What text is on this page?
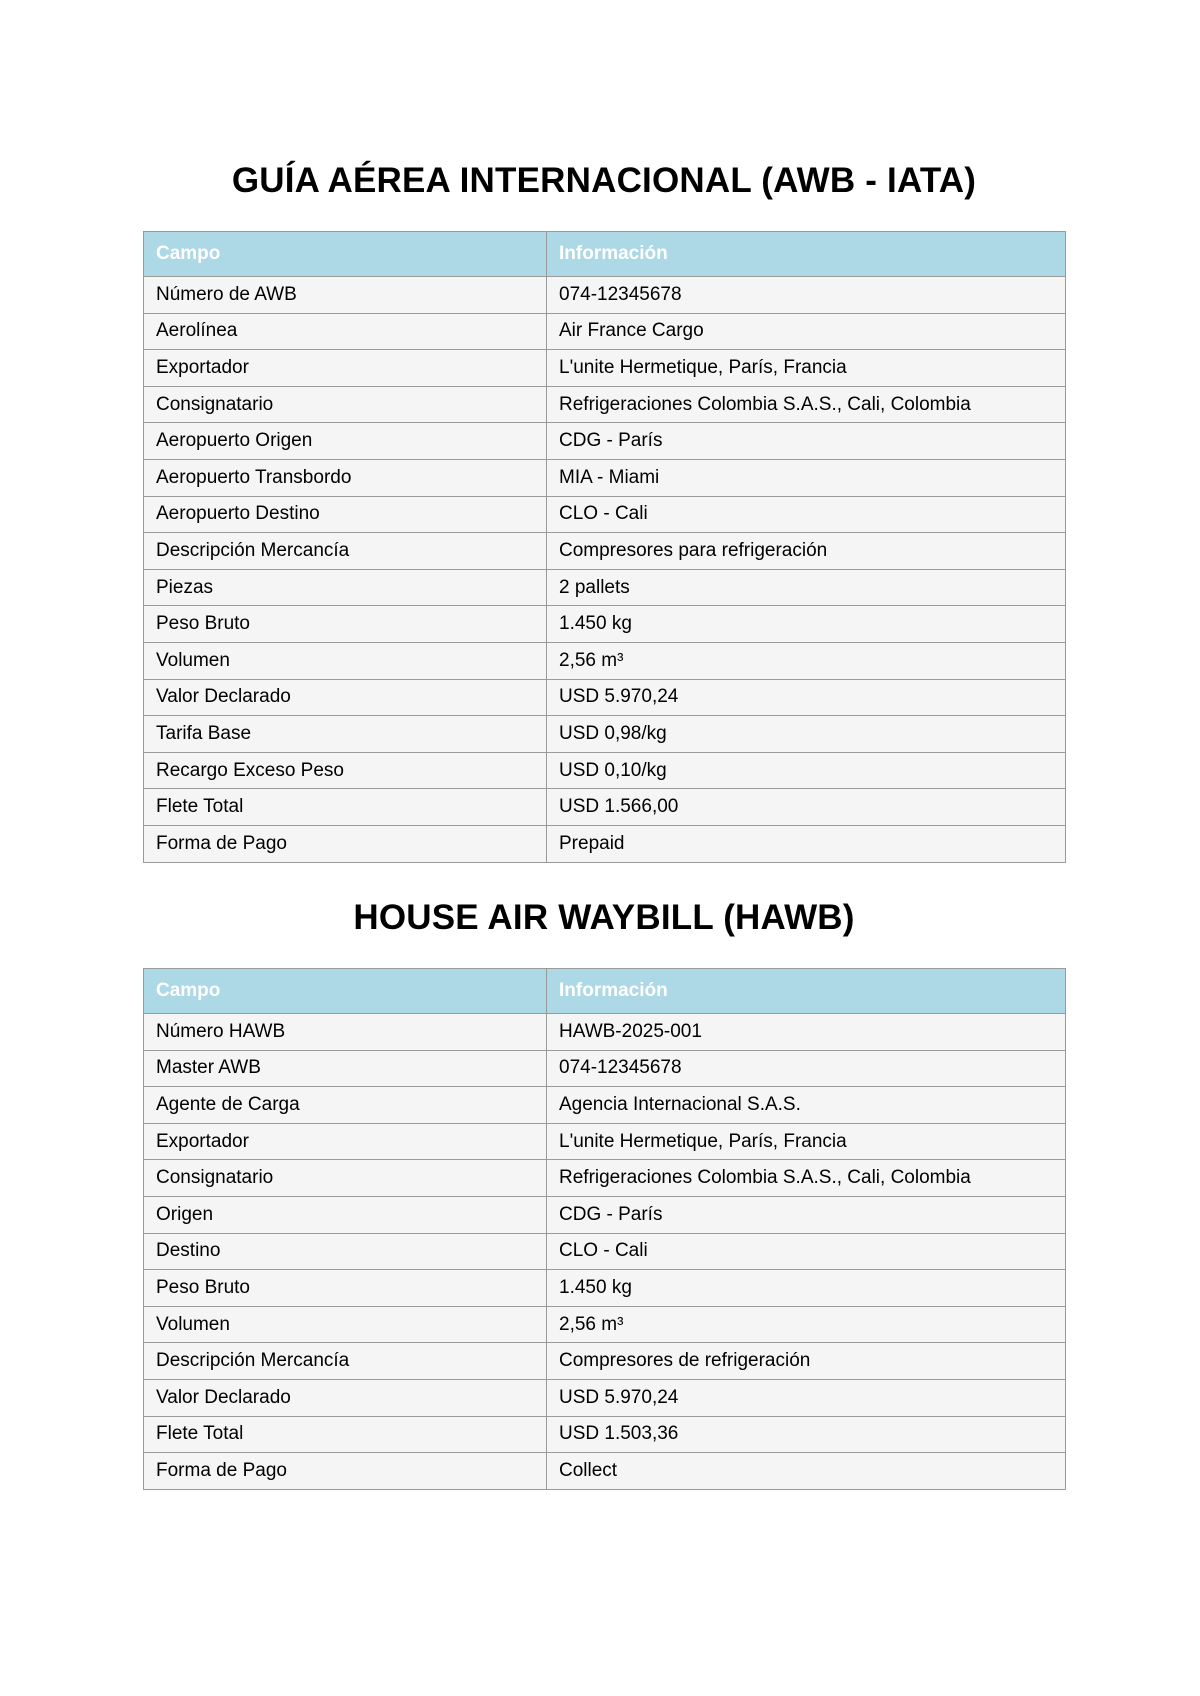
GUÍA AÉREA INTERNACIONAL (AWB - IATA)
Campo	Información
Número de AWB	074-12345678
Aerolínea	Air France Cargo
Exportador	L'unite Hermetique, París, Francia
Consignatario	Refrigeraciones Colombia S.A.S., Cali, Colombia
Aeropuerto Origen	CDG - París
Aeropuerto Transbordo	MIA - Miami
Aeropuerto Destino	CLO - Cali
Descripción Mercancía	Compresores para refrigeración
Piezas	2 pallets
Peso Bruto	1.450 kg
Volumen	2,56 m³
Valor Declarado	USD 5.970,24
Tarifa Base	USD 0,98/kg
Recargo Exceso Peso	USD 0,10/kg
Flete Total	USD 1.566,00
Forma de Pago	Prepaid
HOUSE AIR WAYBILL (HAWB)
Campo	Información
Número HAWB	HAWB-2025-001
Master AWB	074-12345678
Agente de Carga	Agencia Internacional S.A.S.
Exportador	L'unite Hermetique, París, Francia
Consignatario	Refrigeraciones Colombia S.A.S., Cali, Colombia
Origen	CDG - París
Destino	CLO - Cali
Peso Bruto	1.450 kg
Volumen	2,56 m³
Descripción Mercancía	Compresores de refrigeración
Valor Declarado	USD 5.970,24
Flete Total	USD 1.503,36
Forma de Pago	Collect
